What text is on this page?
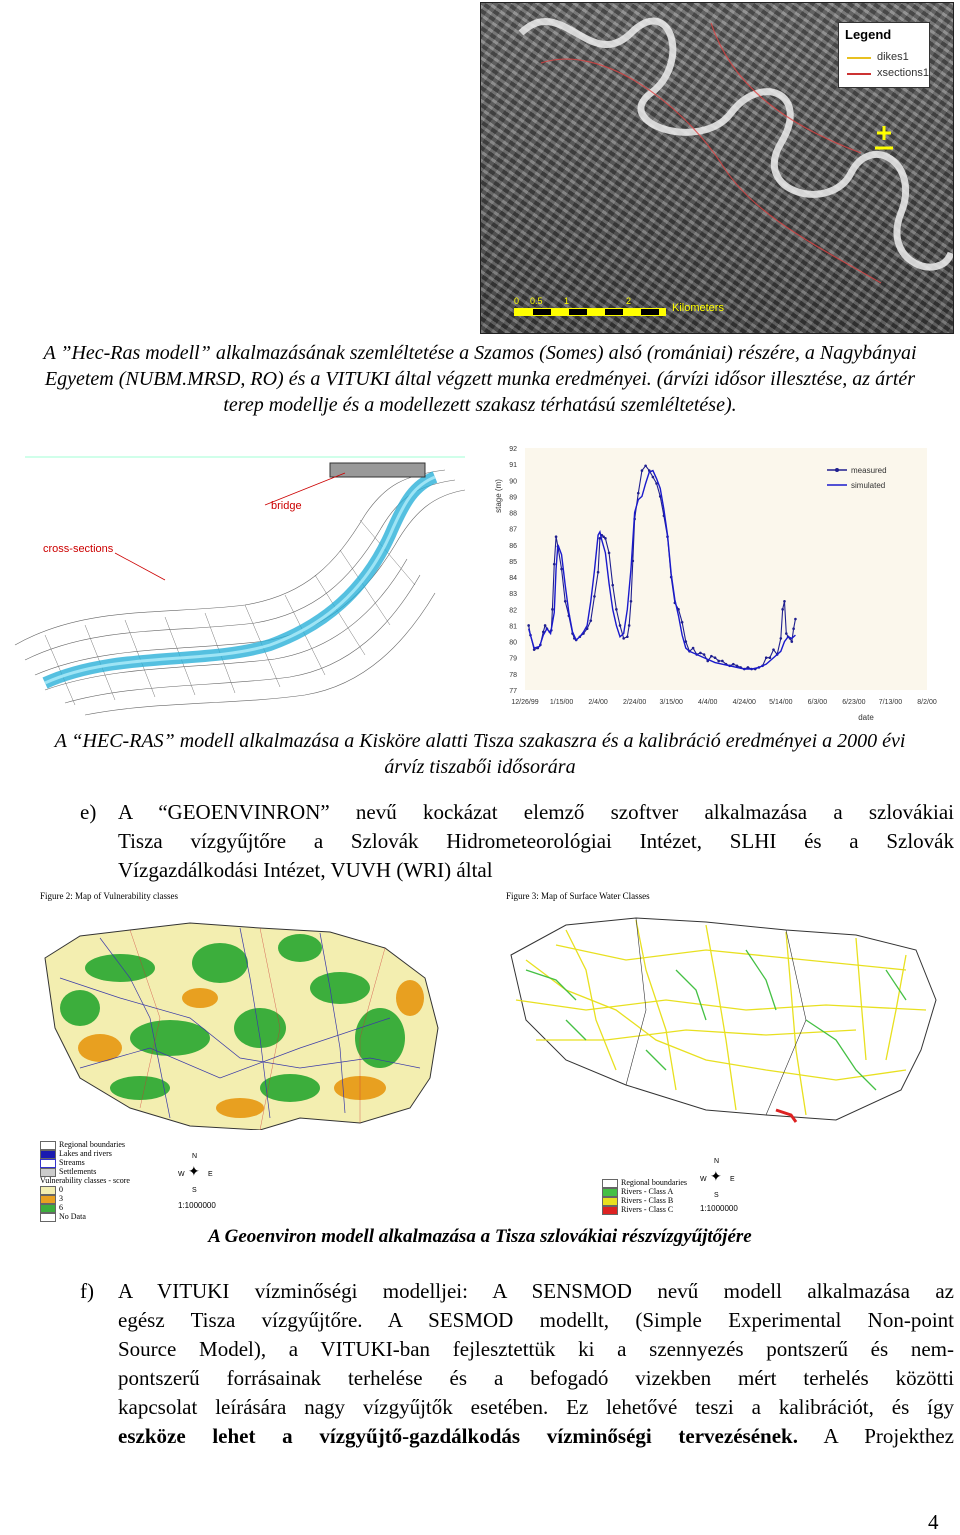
Legend
dikes1
xsections1
0 0.5 1	2
Kilometers
A ”Hec-Ras modell” alkalmazásának szemléltetése a Szamos (Somes) alsó (romániai) részére, a Nagybányai
Egyetem (NUBM.MRSD, RO) és a VITUKI által végzett munka eredményei. (árvízi idősor illesztése, az ártér
terep modellje és a modellezett szakasz térhatású szemléltetése).
bridge
cross-sections
92
91
90
89
88
87
86
85
84
83
82
81
80
79
78
77
12/26/99 1/15/00 2/4/00 2/24/00 3/15/00 4/4/00 4/24/00 5/14/00 6/3/00 6/23/00 7/13/00 8/2/00
date
stage (m)
measured
simulated
A “HEC-RAS” modell alkalmazása a Kisköre alatti Tisza szakaszra és a kalibráció eredményei a 2000 évi
árvíz tiszabői idősorára
e) A “GEOENVINRON” nevű kockázat elemző szoftver alkalmazása a szlovákiai
Tisza vízgyűjtőre a Szlovák Hidrometeorológiai Intézet, SLHI és a Szlovák
Vízgazdálkodási Intézet, VUVH (WRI) által
Figure 2: Map of Vulnerability classes
Regional boundaries
Lakes and rivers
Streams
Settlements
Vulnerability classes - score
0
3
6
No Data
N
W	E
S
✦
1:1000000
Figure 3: Map of Surface Water Classes
Regional boundaries
Rivers - Class A
Rivers - Class B
Rivers - Class C
N
W	E
S
✦
1:1000000
A Geoenviron modell alkalmazása a Tisza szlovákiai részvízgyűjtőjére
f) A VITUKI vízminőségi modelljei: A SENSMOD nevű modell alkalmazása az
egész Tisza vízgyűjtőre. A SESMOD modellt, (Simple Experimental Non-point
Source Model), a VITUKI-ban fejlesztettük ki a szennyezés pontszerű és nem-
pontszerű forrásainak terhelése és a befogadó vizekben mért terhelés közötti
kapcsolat leírására nagy vízgyűjtők esetében. Ez lehetővé teszi a kalibrációt, és így
eszköze lehet a vízgyűjtő-gazdálkodás vízminőségi tervezésének. A Projekthez
4
